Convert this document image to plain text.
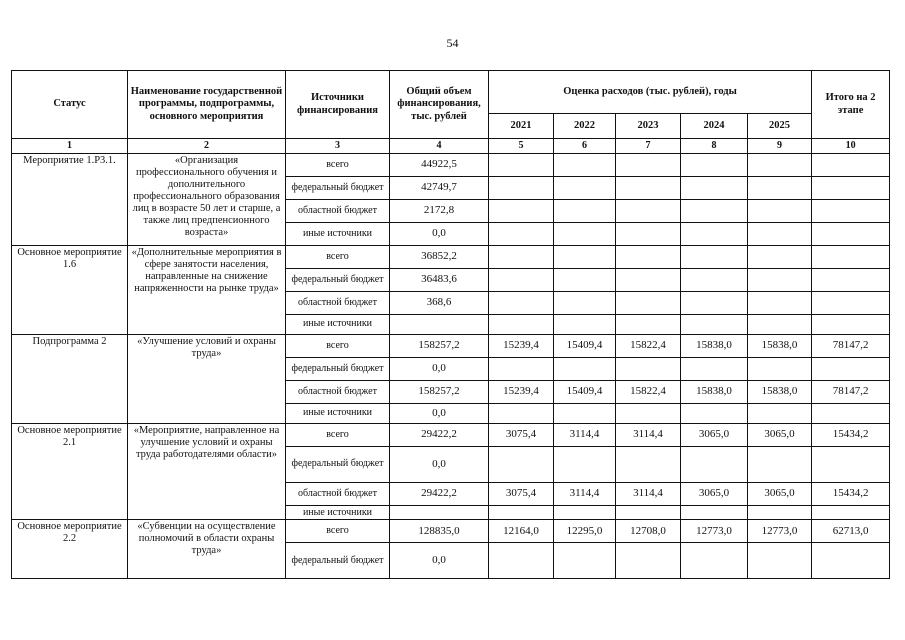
54
Статус	Наименование государственной программы, подпрограммы, основного мероприятия	Источники финансирования	Общий объем финансирования, тыс. рублей	Оценка расходов (тыс. рублей), годы					Итого на 2 этапе
				2021	2022	2023	2024	2025	
1	2	3	4	5	6	7	8	9	10
Мероприятие 1.Р3.1.	«Организация профессионального обучения и дополнительного профессионального образования лиц в возрасте 50 лет и старше, а также лиц предпенсионного возраста»	всего	44922,5						
		федеральный бюджет	42749,7						
		областной бюджет	2172,8						
		иные источники	0,0						
Основное мероприятие 1.6	«Дополнительные мероприятия в сфере занятости населения, направленные на снижение напряженности на рынке труда»	всего	36852,2						
		федеральный бюджет	36483,6						
		областной бюджет	368,6						
		иные источники							
Подпрограмма 2	«Улучшение условий и охраны труда»	всего	158257,2	15239,4	15409,4	15822,4	15838,0	15838,0	78147,2
		федеральный бюджет	0,0						
		областной бюджет	158257,2	15239,4	15409,4	15822,4	15838,0	15838,0	78147,2
		иные источники	0,0						
Основное мероприятие 2.1	«Мероприятие, направленное на улучшение условий и охраны труда работодателями области»	всего	29422,2	3075,4	3114,4	3114,4	3065,0	3065,0	15434,2
		федеральный бюджет	0,0						
		областной бюджет	29422,2	3075,4	3114,4	3114,4	3065,0	3065,0	15434,2
		иные источники							
Основное мероприятие 2.2	«Субвенции на осуществление полномочий в области охраны труда»	всего	128835,0	12164,0	12295,0	12708,0	12773,0	12773,0	62713,0
		федеральный бюджет	0,0						
